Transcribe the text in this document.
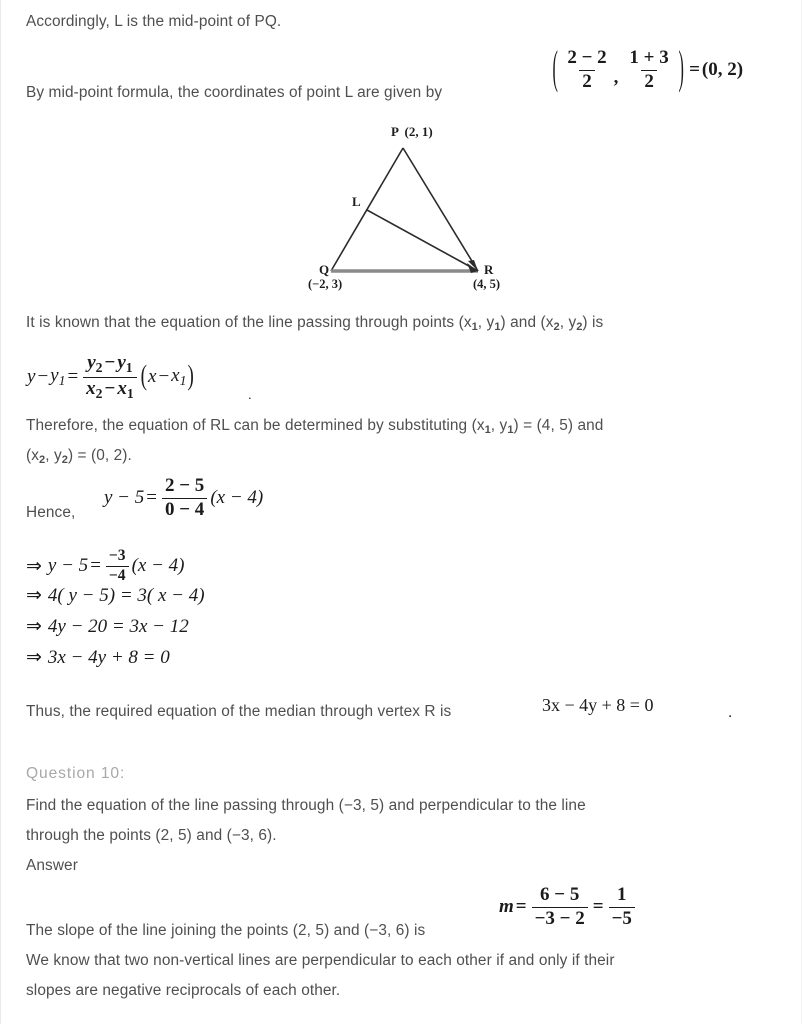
Accordingly, L is the mid-point of PQ.
By mid-point formula, the coordinates of point L are given by	( $\frac{2 - 2}{2}$ , $\frac{1 + 3}{2}$ ) = (0, 2)
P (2, 1)
L
Q
(−2, 3)
R
(4, 5)
It is known that the equation of the line passing through points ($x_1$, $y_1$) and ($x_2$, $y_2$) is
$y - y_1 = \frac{y_2 - y_1}{x_2 - x_1}$ ( $x - x_1$ )
.
Therefore, the equation of RL can be determined by substituting ($x_1$, $y_1) = (4$, 5) and
($x_2$, $y_2) = (0$, 2).
Hence,
$y - 5 = \frac{2 - 5}{0 - 4} (x - 4)$
⇒ $y - 5 = \frac{-3}{-4} (x - 4)$
⇒ 4( y − 5) = 3( x − 4)
⇒ 4y − 20 = 3x − 12
⇒ 3x − 4y + 8 = 0
Thus, the required equation of the median through vertex R is	3x − 4y + 8 = 0	.
Question 10:
Find the equation of the line passing through (−3, 5) and perpendicular to the line
through the points (2, 5) and (−3, 6).
Answer
The slope of the line joining the points (2, 5) and (−3, 6) is
$m = \frac{6 - 5}{-3 - 2} = \frac{1}{-5}$
We know that two non-vertical lines are perpendicular to each other if and only if their
slopes are negative reciprocals of each other.
